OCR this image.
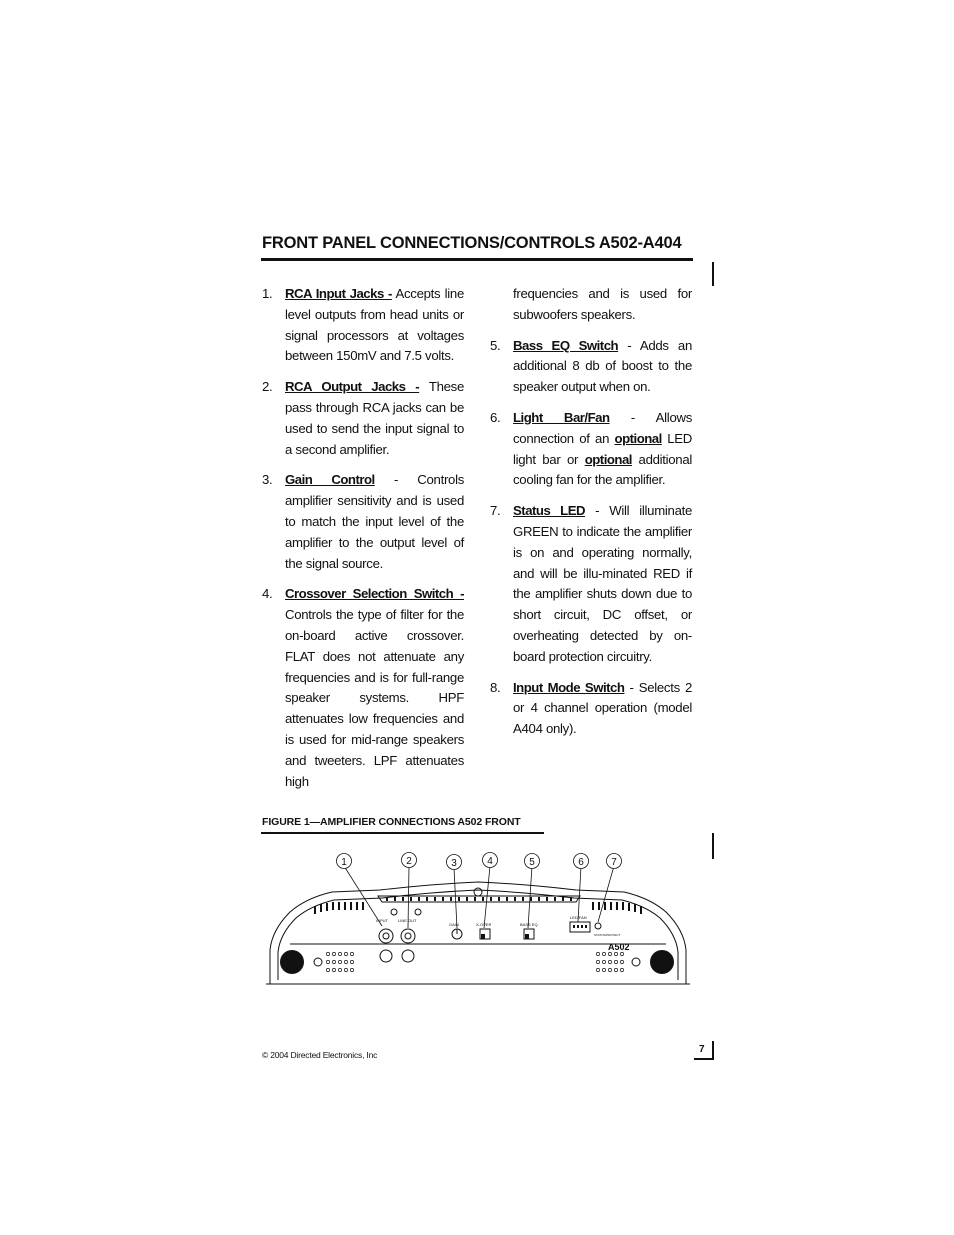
FRONT PANEL CONNECTIONS/CONTROLS A502-A404
1. RCA Input Jacks - Accepts line level outputs from head units or signal processors at voltages between 150mV and 7.5 volts.
2. RCA Output Jacks - These pass through RCA jacks can be used to send the input signal to a second amplifier.
3. Gain Control - Controls amplifier sensitivity and is used to match the input level of the amplifier to the output level of the signal source.
4. Crossover Selection Switch - Controls the type of filter for the on-board active crossover. FLAT does not attenuate any frequencies and is for full-range speaker systems. HPF attenuates low frequencies and is used for mid-range speakers and tweeters. LPF attenuates high
frequencies and is used for subwoofers speakers.
5. Bass EQ Switch - Adds an additional 8 db of boost to the speaker output when on.
6. Light Bar/Fan - Allows connection of an optional LED light bar or optional additional cooling fan for the amplifier.
7. Status LED - Will illuminate GREEN to indicate the amplifier is on and operating normally, and will be illu-minated RED if the amplifier shuts down due to short circuit, DC offset, or overheating detected by on-board protection circuitry.
8. Input Mode Switch - Selects 2 or 4 channel operation (model A404 only).
FIGURE 1—AMPLIFIER CONNECTIONS A502 FRONT
INPUT	LINE OUT
GAIN	X-OVER	BASS EQ
LED/FAN
STATUS/PROTECT
A502
1	2	3	4	5	6	7
© 2004 Directed Electronics, Inc	7
